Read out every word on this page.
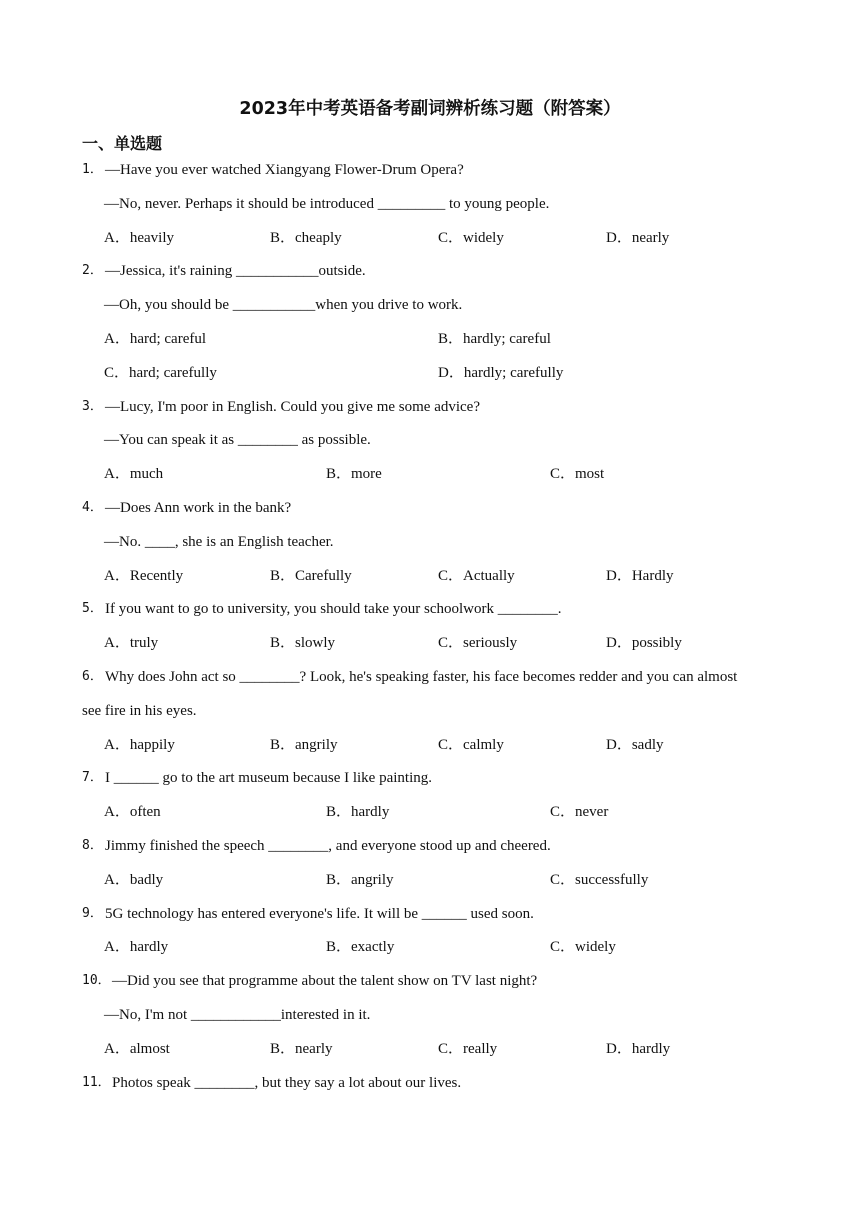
2023年中考英语备考副词辨析练习题（附答案）
一、单选题
1． —Have you ever watched Xiangyang Flower-Drum Opera?
—No, never. Perhaps it should be introduced _________ to young people.
A．heavily	B．cheaply	C．widely	D．nearly
2． —Jessica, it's raining ___________outside.
—Oh, you should be ___________when you drive to work.
A．hard; careful	B．hardly; careful
C．hard; carefully	D．hardly; carefully
3． —Lucy, I'm poor in English. Could you give me some advice?
—You can speak it as ________ as possible.
A．much	B．more	C．most
4． —Does Ann work in the bank?
—No. ____, she is an English teacher.
A．Recently	B．Carefully	C．Actually	D．Hardly
5． If you want to go to university, you should take your schoolwork ________.
A．truly	B．slowly	C．seriously	D．possibly
6． Why does John act so ________? Look, he's speaking faster, his face becomes redder and you can almost
see fire in his eyes.
A．happily	B．angrily	C．calmly	D．sadly
7． I ______ go to the art museum because I like painting.
A．often	B．hardly	C．never
8． Jimmy finished the speech ________, and everyone stood up and cheered.
A．badly	B．angrily	C．successfully
9． 5G technology has entered everyone's life. It will be ______ used soon.
A．hardly	B．exactly	C．widely
10． —Did you see that programme about the talent show on TV last night?
—No, I'm not ____________interested in it.
A．almost	B．nearly	C．really	D．hardly
11． Photos speak ________, but they say a lot about our lives.
